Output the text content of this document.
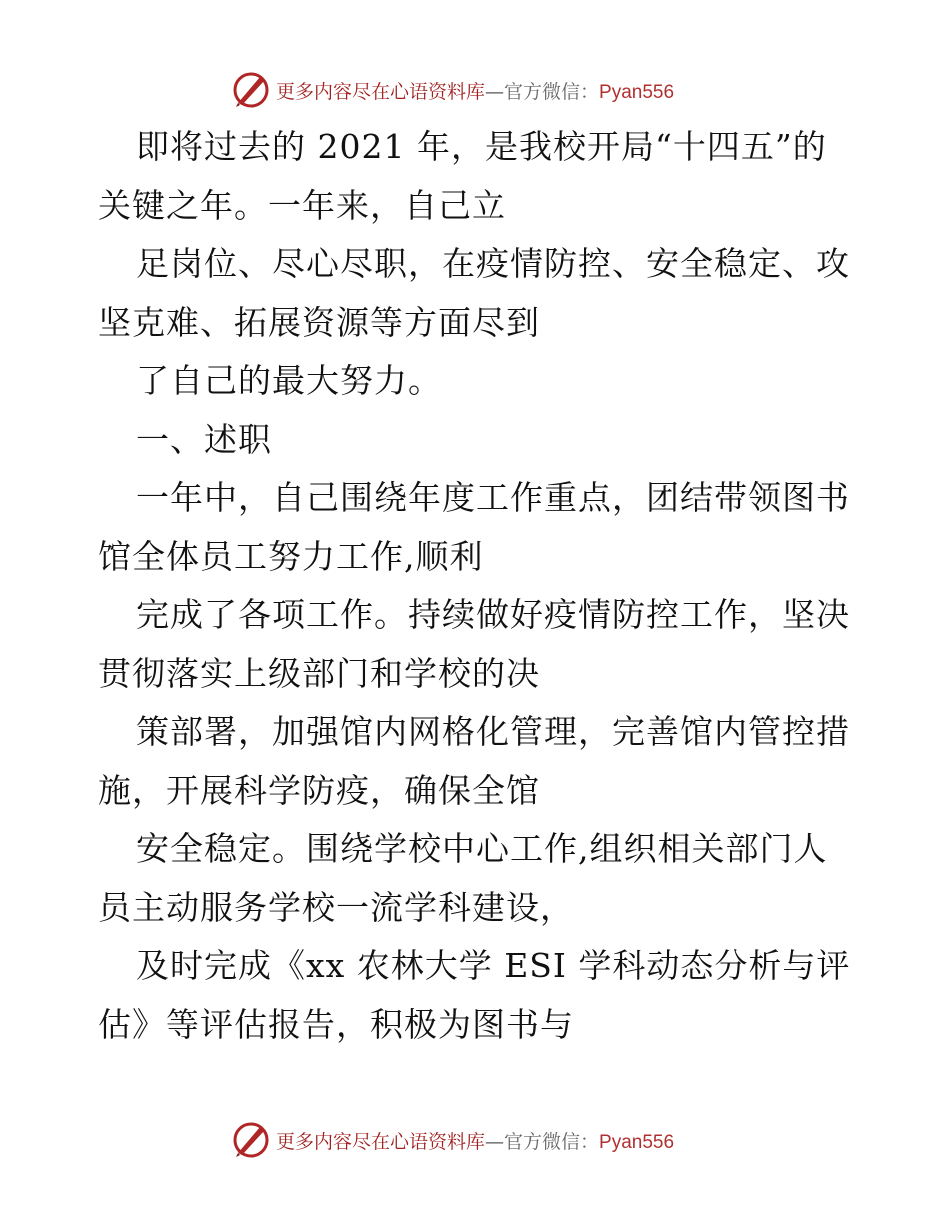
更多内容尽在心语资料库—官方微信：Pyan556
即将过去的 2021 年，是我校开局“十四五”的
关键之年。一年来，自己立
足岗位、尽心尽职，在疫情防控、安全稳定、攻
坚克难、拓展资源等方面尽到
了自己的最大努力。
一、述职
一年中，自己围绕年度工作重点，团结带领图书
馆全体员工努力工作,顺利
完成了各项工作。持续做好疫情防控工作，坚决
贯彻落实上级部门和学校的决
策部署，加强馆内网格化管理，完善馆内管控措
施，开展科学防疫，确保全馆
安全稳定。围绕学校中心工作,组织相关部门人
员主动服务学校一流学科建设，
及时完成《xx 农林大学 ESI 学科动态分析与评
估》等评估报告，积极为图书与
更多内容尽在心语资料库—官方微信：Pyan556
